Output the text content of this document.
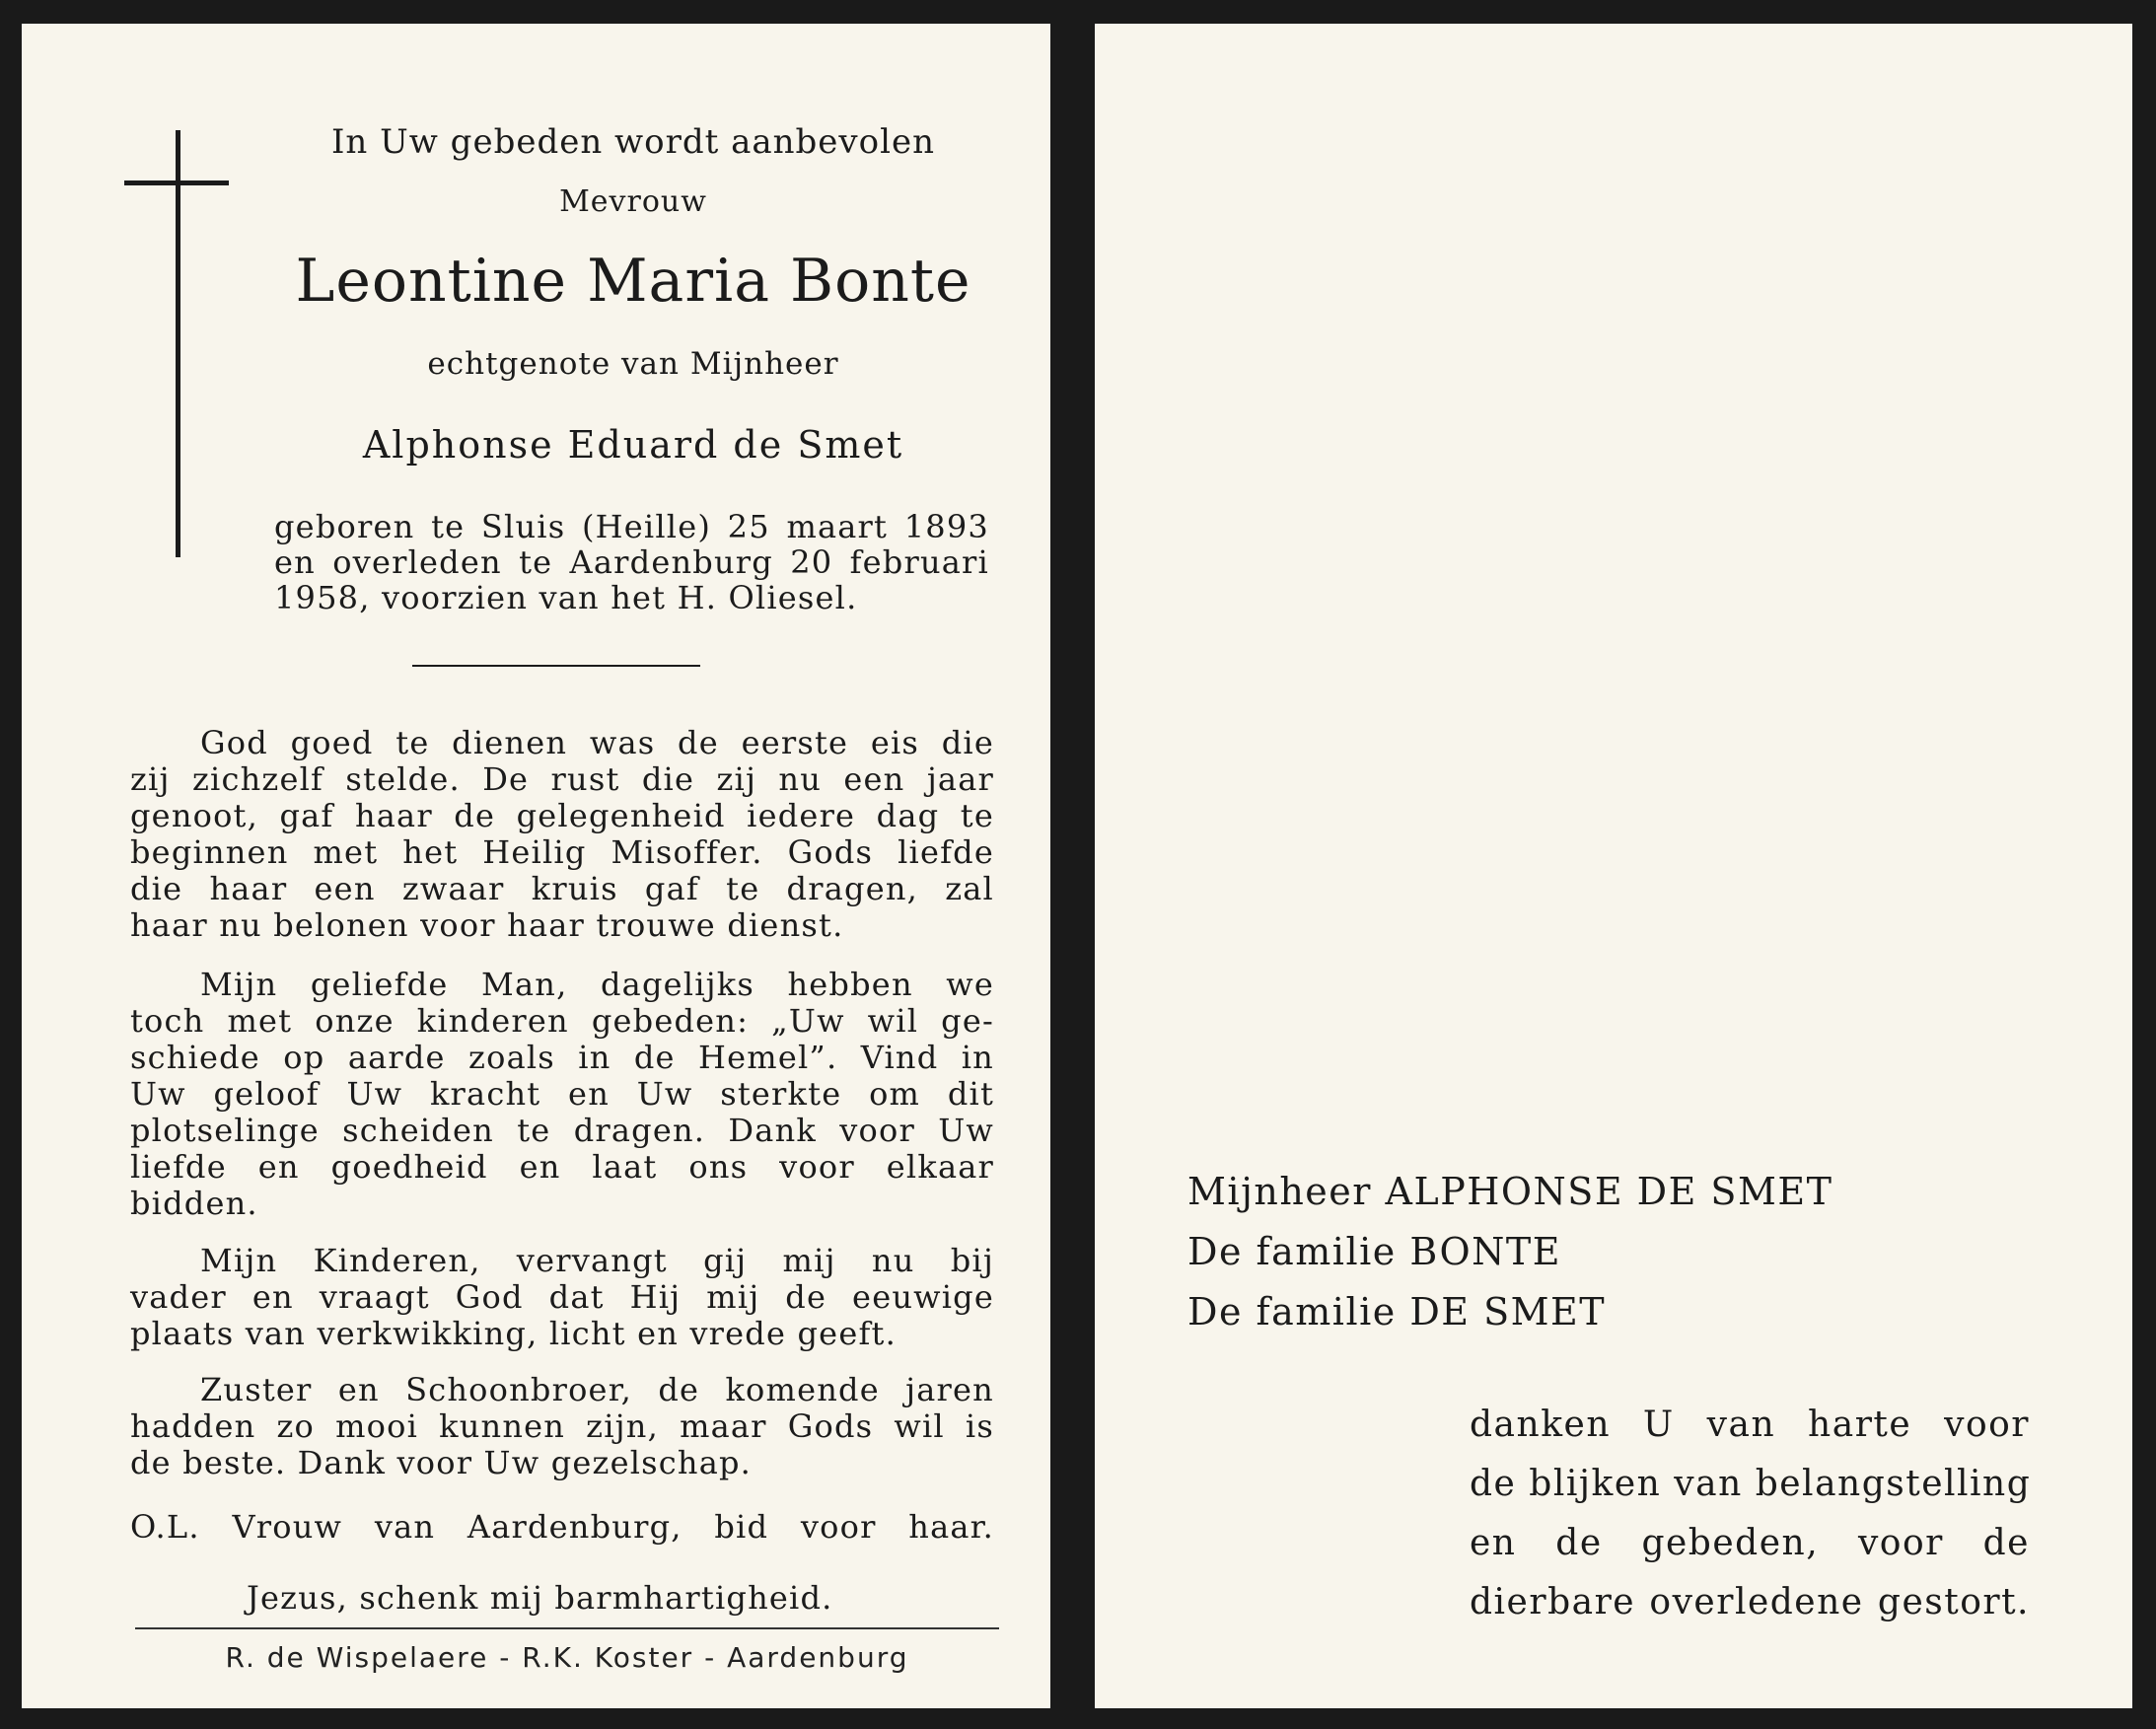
In Uw gebeden wordt aanbevolen
Mevrouw
Leontine Maria Bonte
echtgenote van Mijnheer
Alphonse Eduard de Smet
geboren te Sluis (Heille) 25 maart 1893
en overleden te Aardenburg 20 februari
1958, voorzien van het H. Oliesel.
God goed te dienen was de eerste eis die
zij zichzelf stelde. De rust die zij nu een jaar
genoot, gaf haar de gelegenheid iedere dag te
beginnen met het Heilig Misoffer. Gods liefde
die haar een zwaar kruis gaf te dragen, zal
haar nu belonen voor haar trouwe dienst.
Mijn geliefde Man, dagelijks hebben we
toch met onze kinderen gebeden: „Uw wil ge-
schiede op aarde zoals in de Hemel”. Vind in
Uw geloof Uw kracht en Uw sterkte om dit
plotselinge scheiden te dragen. Dank voor Uw
liefde en goedheid en laat ons voor elkaar
bidden.
Mijn Kinderen, vervangt gij mij nu bij
vader en vraagt God dat Hij mij de eeuwige
plaats van verkwikking, licht en vrede geeft.
Zuster en Schoonbroer, de komende jaren
hadden zo mooi kunnen zijn, maar Gods wil is
de beste. Dank voor Uw gezelschap.
O.L. Vrouw van Aardenburg, bid voor haar.
Jezus, schenk mij barmhartigheid.
R. de Wispelaere - R.K. Koster - Aardenburg
Mijnheer ALPHONSE DE SMET
De familie BONTE
De familie DE SMET
danken U van harte voor
de blijken van belangstelling
en de gebeden, voor de
dierbare overledene gestort.
